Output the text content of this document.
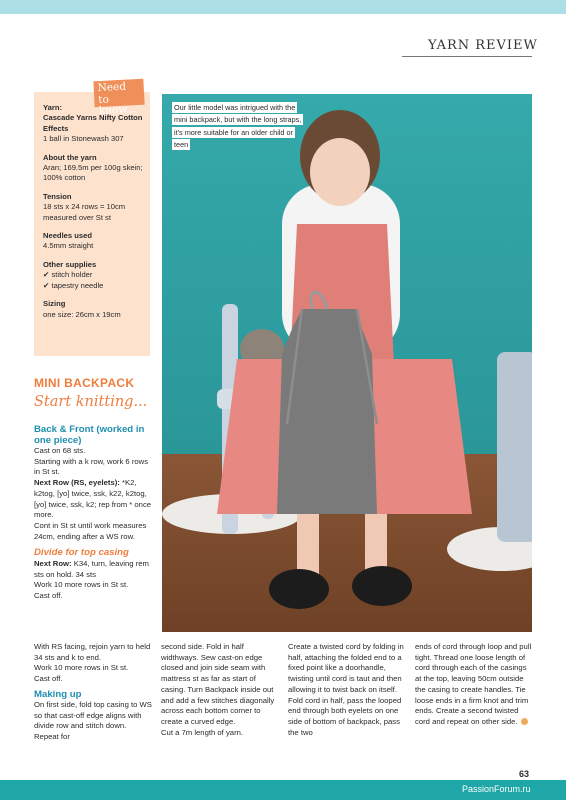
YARN REVIEW
Need to
know...
Yarn:
Cascade Yarns Nifty Cotton Effects
1 ball in Stonewash 307
About the yarn
Aran; 169.5m per 100g skein; 100% cotton
Tension
18 sts x 24 rows = 10cm measured over St st
Needles used
4.5mm straight
Other supplies
✔ stitch holder
✔ tapestry needle
Sizing
one size: 26cm x 19cm
MINI BACKPACK
Start knitting...
Back & Front (worked in one piece)
Cast on 68 sts.
Starting with a k row, work 6 rows in St st.
Next Row (RS, eyelets): *K2, k2tog, [yo] twice, ssk, k22, k2tog, [yo] twice, ssk, k2; rep from * once more.
Cont in St st until work measures 24cm, ending after a WS row.
Divide for top casing
Next Row: K34, turn, leaving rem sts on hold. 34 sts
Work 10 more rows in St st.
Cast off.
With RS facing, rejoin yarn to held 34 sts and k to end.
Work 10 more rows in St st.
Cast off.
Making up
On first side, fold top casing to WS so that cast-off edge aligns with divide row and stitch down. Repeat for
Our little model was intrigued with the mini backpack, but with the long straps, it's more suitable for an older child or teen
second side. Fold in half widthways. Sew cast-on edge closed and join side seam with mattress st as far as start of casing. Turn Backpack inside out and add a few stitches diagonally across each bottom corner to create a curved edge.
Cut a 7m length of yarn.
Create a twisted cord by folding in half, attaching the folded end to a fixed point like a doorhandle, twisting until cord is taut and then allowing it to twist back on itself. Fold cord in half, pass the looped end through both eyelets on one side of bottom of backpack, pass the two
ends of cord through loop and pull tight. Thread one loose length of cord through each of the casings at the top, leaving 50cm outside the casing to create handles. Tie loose ends in a firm knot and trim ends. Create a second twisted cord and repeat on other side.
63
PassionForum.ru
